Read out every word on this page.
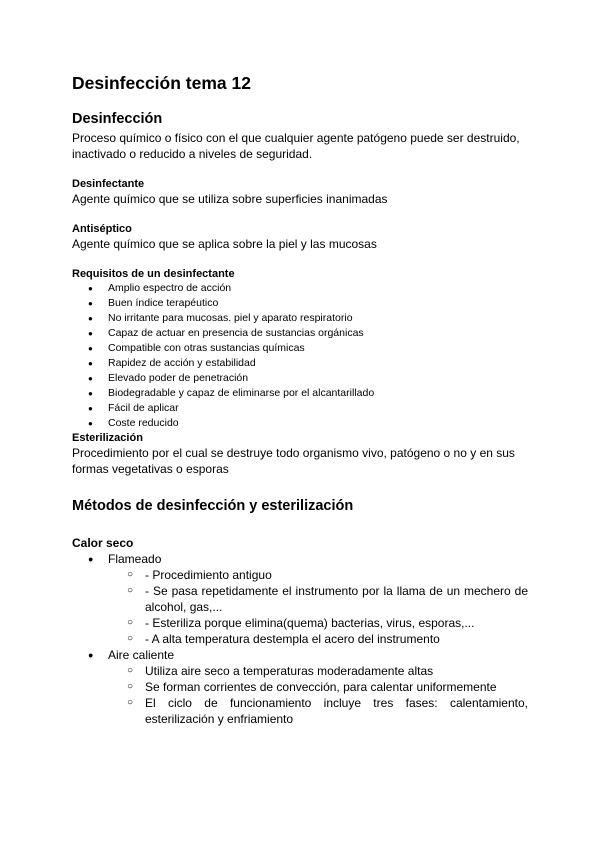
Desinfección tema 12
Desinfección

Proceso químico o físico con el que cualquier agente patógeno puede ser destruido, inactivado o reducido a niveles de seguridad.

Desinfectante

Agente químico que se utiliza sobre superficies inanimadas

Antiséptico

Agente químico que se aplica sobre la piel y las mucosas

Requisitos de un desinfectante

● Amplio espectro de acción
● Buen índice terapéutico
● No irritante para mucosas. piel y aparato respiratorio
● Capaz de actuar en presencia de sustancias orgánicas
● Compatible con otras sustancias químicas
● Rapidez de acción y estabilidad
● Elevado poder de penetración
● Biodegradable y capaz de eliminarse por el alcantarillado
● Fácil de aplicar
● Coste reducido

Esterilización

Procedimiento por el cual se destruye todo organismo vivo, patógeno o no y en sus formas vegetativas o esporas

Métodos de desinfección y esterilización

Calor seco

● Flameado
○ - Procedimiento antiguo
○ - Se pasa repetidamente el instrumento por la llama de un mechero de alcohol, gas,...
○ - Esteriliza porque elimina(quema) bacterias, virus, esporas,...
○ - A alta temperatura destempla el acero del instrumento
● Aire caliente
○ Utiliza aire seco a temperaturas moderadamente altas
○ Se forman corrientes de convección, para calentar uniformemente
○ El ciclo de funcionamiento incluye tres fases: calentamiento, esterilización y enfriamiento
